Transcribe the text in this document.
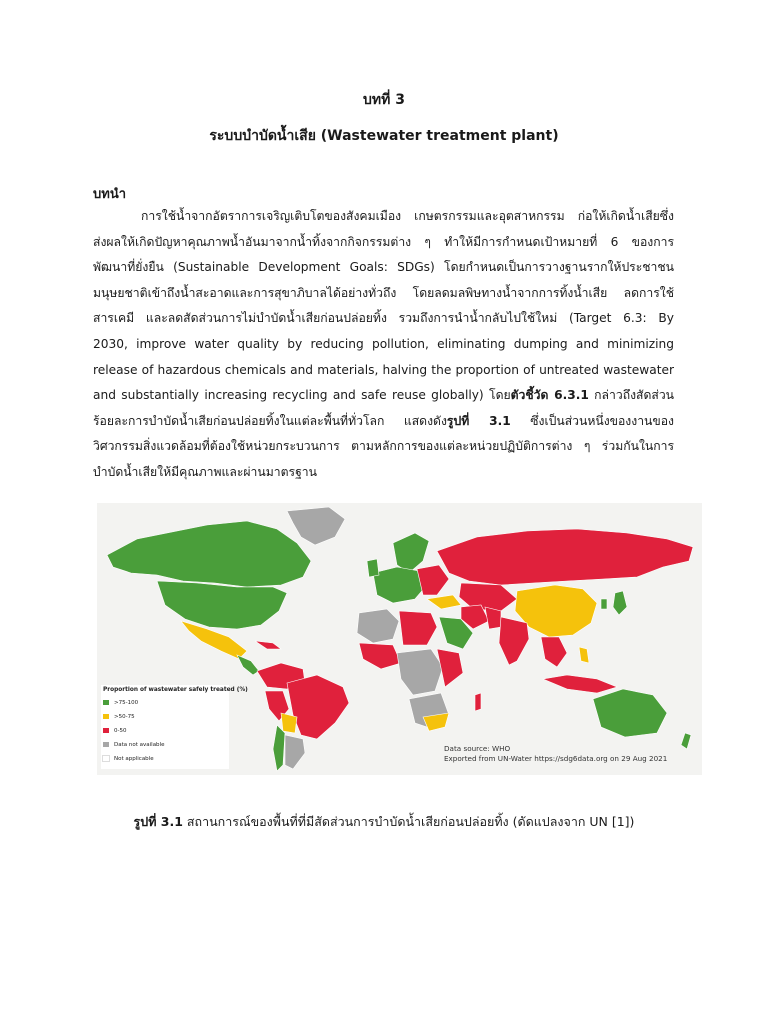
บทที่ 3
ระบบบำบัดน้ำเสีย (Wastewater treatment plant)
บทนำ
การใช้น้ำจากอัตราการเจริญเติบโตของสังคมเมือง เกษตรกรรมและอุตสาหกรรม ก่อให้เกิดน้ำเสียซึ่ง
ส่งผลให้เกิดปัญหาคุณภาพน้ำอันมาจากน้ำทิ้งจากกิจกรรมต่าง ๆ ทำให้มีการกำหนดเป้าหมายที่ 6 ของการ
พัฒนาที่ยั่งยืน (Sustainable Development Goals: SDGs) โดยกำหนดเป็นการวางฐานรากให้ประชาชน
มนุษยชาติเข้าถึงน้ำสะอาดและการสุขาภิบาลได้อย่างทั่วถึง โดยลดมลพิษทางน้ำจากการทิ้งน้ำเสีย ลดการใช้
สารเคมี และลดสัดส่วนการไม่บำบัดน้ำเสียก่อนปล่อยทิ้ง รวมถึงการนำน้ำกลับไปใช้ใหม่ (Target 6.3: By
2030, improve water quality by reducing pollution, eliminating dumping and minimizing
release of hazardous chemicals and materials, halving the proportion of untreated wastewater
and substantially increasing recycling and safe reuse globally) โดยตัวชี้วัด 6.3.1 กล่าวถึงสัดส่วน
ร้อยละการบำบัดน้ำเสียก่อนปล่อยทิ้งในแต่ละพื้นที่ทั่วโลก แสดงดังรูปที่ 3.1 ซึ่งเป็นส่วนหนึ่งของงานของ
วิศวกรรมสิ่งแวดล้อมที่ต้องใช้หน่วยกระบวนการ ตามหลักการของแต่ละหน่วยปฏิบัติการต่าง ๆ ร่วมกันในการ
บำบัดน้ำเสียให้มีคุณภาพและผ่านมาตรฐาน
Proportion of wastewater safely treated (%)
>75-100
>50-75
0-50
Data not available
Not applicable
Data source: WHO
Exported from UN-Water https://sdg6data.org on 29 Aug 2021
รูปที่ 3.1 สถานการณ์ของพื้นที่ที่มีสัดส่วนการบำบัดน้ำเสียก่อนปล่อยทิ้ง (ดัดแปลงจาก UN [1])
